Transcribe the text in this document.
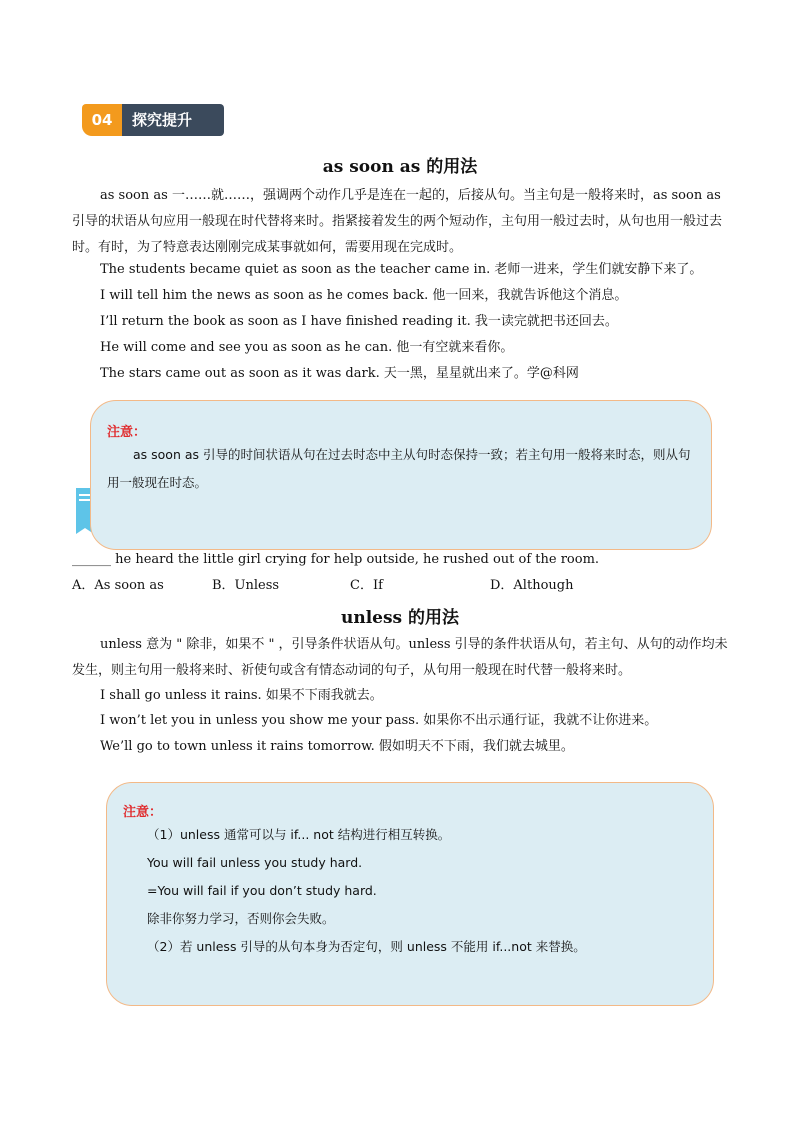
探究提升
04
as soon as 的用法

as soon as 一……就……，强调两个动作几乎是连在一起的，后接从句。当主句是一般将来时，as soon as 引导的状语从句应用一般现在时代替将来时。指紧接着发生的两个短动作，主句用一般过去时，从句也用一般过去时。有时，为了特意表达刚刚完成某事就如何，需要用现在完成时。

The students became quiet as soon as the teacher came in. 老师一进来，学生们就安静下来了。
I will tell him the news as soon as he comes back. 他一回来，我就告诉他这个消息。
I’ll return the book as soon as I have finished reading it. 我一读完就把书还回去。
He will come and see you as soon as he can. 他一有空就来看你。
The stars came out as soon as it was dark. 天一黑，星星就出来了。学@科网
注意：
as soon as 引导的时间状语从句在过去时态中主从句时态保持一致；若主句用一般将来时态，则从句用一般现在时态。
______ he heard the little girl crying for help outside, he rushed out of the room.
A．As soon as	B．Unless	C．If	D．Although
unless 的用法

unless 意为 " 除非，如果不 " ，引导条件状语从句。unless 引导的条件状语从句，若主句、从句的动作均未发生，则主句用一般将来时、祈使句或含有情态动词的句子，从句用一般现在时代替一般将来时。

I shall go unless it rains. 如果不下雨我就去。
I won’t let you in unless you show me your pass. 如果你不出示通行证，我就不让你进来。
We’ll go to town unless it rains tomorrow. 假如明天不下雨，我们就去城里。
注意：
（1）unless 通常可以与 if... not 结构进行相互转换。
You will fail unless you study hard.
=You will fail if you don’t study hard.
除非你努力学习，否则你会失败。
（2）若 unless 引导的从句本身为否定句，则 unless 不能用 if...not 来替换。
